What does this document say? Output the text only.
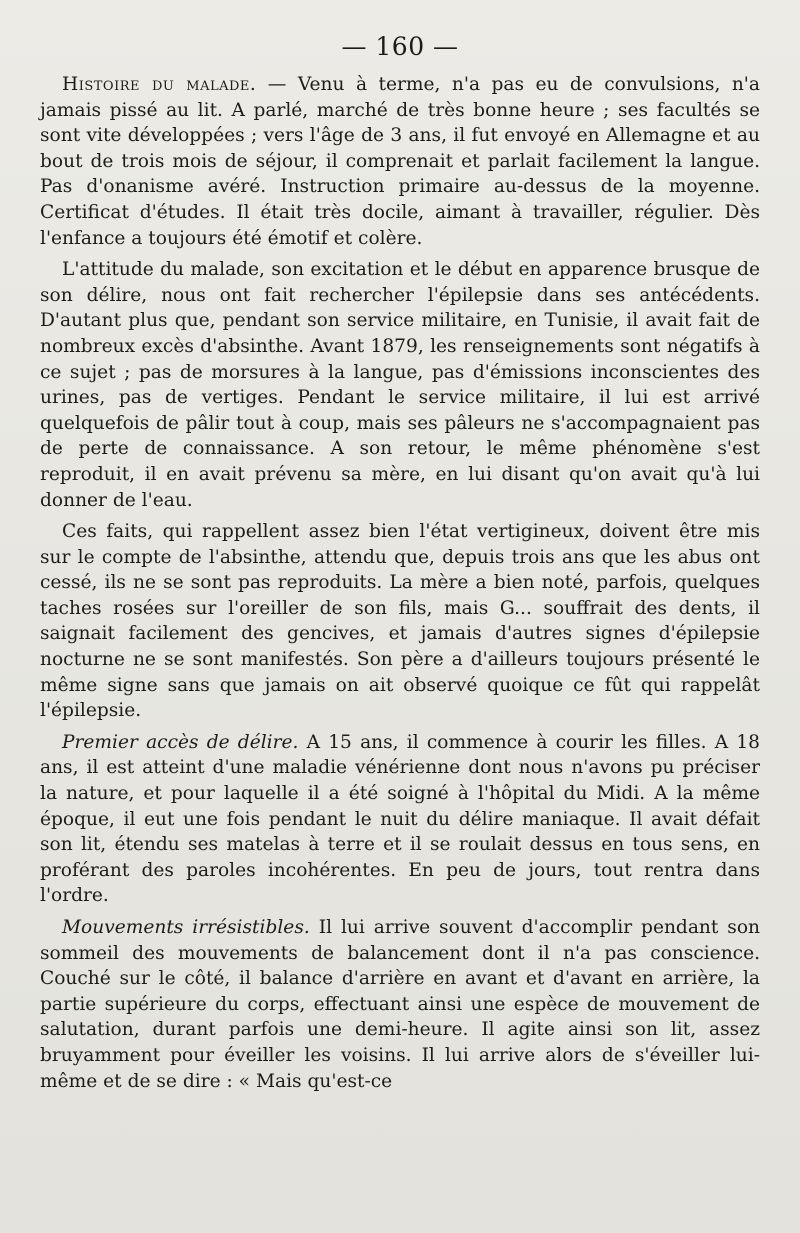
— 160 —

Histoire du malade. — Venu à terme, n'a pas eu de convulsions, n'a jamais pissé au lit. A parlé, marché de très bonne heure ; ses facultés se sont vite développées ; vers l'âge de 3 ans, il fut envoyé en Allemagne et au bout de trois mois de séjour, il comprenait et parlait facilement la langue. Pas d'onanisme avéré. Instruction primaire au-dessus de la moyenne. Certificat d'études. Il était très docile, aimant à travailler, régulier. Dès l'enfance a toujours été émotif et colère.

L'attitude du malade, son excitation et le début en apparence brusque de son délire, nous ont fait rechercher l'épilepsie dans ses antécédents. D'autant plus que, pendant son service militaire, en Tunisie, il avait fait de nombreux excès d'absinthe. Avant 1879, les renseignements sont négatifs à ce sujet ; pas de morsures à la langue, pas d'émissions inconscientes des urines, pas de vertiges. Pendant le service militaire, il lui est arrivé quelquefois de pâlir tout à coup, mais ses pâleurs ne s'accompagnaient pas de perte de connaissance. A son retour, le même phénomène s'est reproduit, il en avait prévenu sa mère, en lui disant qu'on avait qu'à lui donner de l'eau.

Ces faits, qui rappellent assez bien l'état vertigineux, doivent être mis sur le compte de l'absinthe, attendu que, depuis trois ans que les abus ont cessé, ils ne se sont pas reproduits. La mère a bien noté, parfois, quelques taches rosées sur l'oreiller de son fils, mais G... souffrait des dents, il saignait facilement des gencives, et jamais d'autres signes d'épilepsie nocturne ne se sont manifestés. Son père a d'ailleurs toujours présenté le même signe sans que jamais on ait observé quoique ce fût qui rappelât l'épilepsie.

Premier accès de délire. A 15 ans, il commence à courir les filles. A 18 ans, il est atteint d'une maladie vénérienne dont nous n'avons pu préciser la nature, et pour laquelle il a été soigné à l'hôpital du Midi. A la même époque, il eut une fois pendant le nuit du délire maniaque. Il avait défait son lit, étendu ses matelas à terre et il se roulait dessus en tous sens, en proférant des paroles incohérentes. En peu de jours, tout rentra dans l'ordre.

Mouvements irrésistibles. Il lui arrive souvent d'accomplir pendant son sommeil des mouvements de balancement dont il n'a pas conscience. Couché sur le côté, il balance d'arrière en avant et d'avant en arrière, la partie supérieure du corps, effectuant ainsi une espèce de mouvement de salutation, durant parfois une demi-heure. Il agite ainsi son lit, assez bruyamment pour éveiller les voisins. Il lui arrive alors de s'éveiller lui-même et de se dire : « Mais qu'est-ce
